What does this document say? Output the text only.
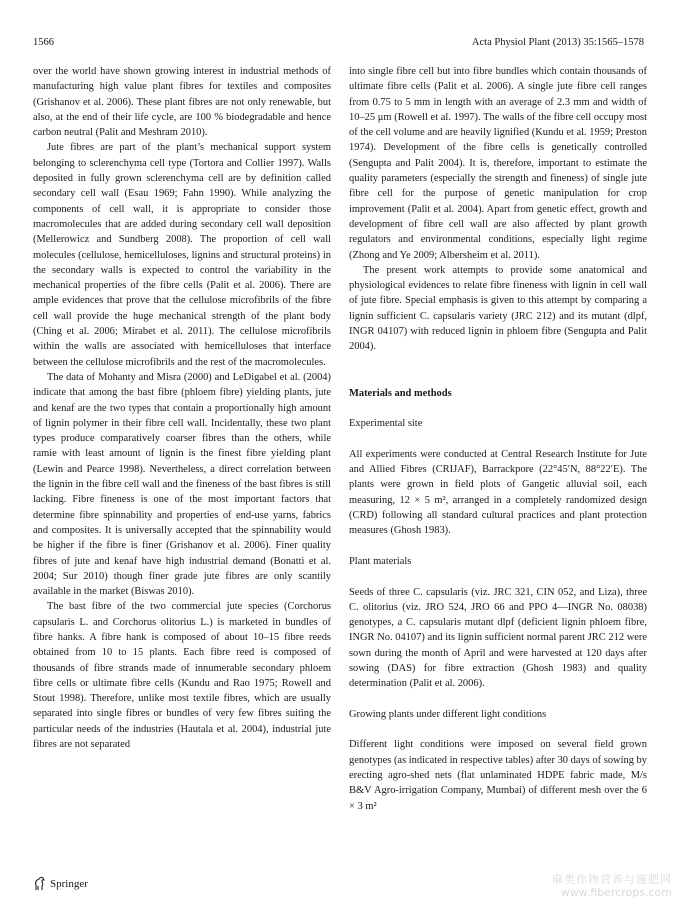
1566	Acta Physiol Plant (2013) 35:1565–1578

over the world have shown growing interest in industrial methods of manufacturing high value plant fibres for textiles and composites (Grishanov et al. 2006). These plant fibres are not only renewable, but also, at the end of their life cycle, are 100 % biodegradable and hence carbon neutral (Palit and Meshram 2010).

Jute fibres are part of the plant’s mechanical support system belonging to sclerenchyma cell type (Tortora and Collier 1997). Walls deposited in fully grown sclerenchyma cell are by definition called secondary cell wall (Esau 1969; Fahn 1990). While analyzing the components of cell wall, it is appropriate to consider those macromolecules that are added during secondary cell wall deposition (Mellerowicz and Sundberg 2008). The proportion of cell wall molecules (cellulose, hemicelluloses, lignins and structural proteins) in the secondary walls is expected to control the variability in the mechanical properties of the fibre cells (Palit et al. 2006). There are ample evidences that prove that the cellulose microfibrils of the fibre cell wall provide the huge mechanical strength of the plant body (Ching et al. 2006; Mirabet et al. 2011). The cellulose microfibrils within the walls are associated with hemicelluloses that interface between the cellulose microfibrils and the rest of the macromolecules.

The data of Mohanty and Misra (2000) and LeDigabel et al. (2004) indicate that among the bast fibre (phloem fibre) yielding plants, jute and kenaf are the two types that contain a proportionally high amount of lignin polymer in their fibre cell wall. Incidentally, these two plant types produce comparatively coarser fibres than the others, while ramie with least amount of lignin is the finest fibre yielding plant (Lewin and Pearce 1998). Nevertheless, a direct correlation between the lignin in the fibre cell wall and the fineness of the bast fibres is still lacking. Fibre fineness is one of the most important factors that determine fibre spinnability and properties of end-use yarns, fabrics and composites. It is universally accepted that the spinnability would be higher if the fibre is finer (Grishanov et al. 2006). Finer quality fibres of jute and kenaf have high industrial demand (Bonatti et al. 2004; Sur 2010) though finer grade jute fibres are only scantily available in the market (Biswas 2010).

The bast fibre of the two commercial jute species (Corchorus capsularis L. and Corchorus olitorius L.) is marketed in bundles of fibre hanks. A fibre hank is composed of about 10–15 fibre reeds obtained from 10 to 15 plants. Each fibre reed is composed of thousands of fibre strands made of innumerable secondary phloem fibre cells or ultimate fibre cells (Kundu and Rao 1975; Rowell and Stout 1998). Therefore, unlike most textile fibres, which are usually separated into single fibres or bundles of very few fibres suiting the particular needs of the industries (Hautala et al. 2004), industrial jute fibres are not separated

into single fibre cell but into fibre bundles which contain thousands of ultimate fibre cells (Palit et al. 2006). A single jute fibre cell ranges from 0.75 to 5 mm in length with an average of 2.3 mm and width of 10–25 μm (Rowell et al. 1997). The walls of the fibre cell occupy most of the cell volume and are heavily lignified (Kundu et al. 1959; Preston 1974). Development of the fibre cells is genetically controlled (Sengupta and Palit 2004). It is, therefore, important to estimate the quality parameters (especially the strength and fineness) of single jute fibre cell for the purpose of genetic manipulation for crop improvement (Palit et al. 2004). Apart from genetic effect, growth and development of fibre cell wall are also affected by plant growth regulators and environmental conditions, especially light regime (Zhong and Ye 2009; Albersheim et al. 2011).

The present work attempts to provide some anatomical and physiological evidences to relate fibre fineness with lignin in cell wall of jute fibre. Special emphasis is given to this attempt by comparing a lignin sufficient C. capsularis variety (JRC 212) and its mutant (dlpf, INGR 04107) with reduced lignin in phloem fibre (Sengupta and Palit 2004).

Materials and methods

Experimental site

All experiments were conducted at Central Research Institute for Jute and Allied Fibres (CRIJAF), Barrackpore (22°45′N, 88°22′E). The plants were grown in field plots of Gangetic alluvial soil, each measuring, 12 × 5 m², arranged in a completely randomized design (CRD) following all standard cultural practices and plant protection measures (Ghosh 1983).

Plant materials

Seeds of three C. capsularis (viz. JRC 321, CIN 052, and Liza), three C. olitorius (viz. JRO 524, JRO 66 and PPO 4—INGR No. 08038) genotypes, a C. capsularis mutant dlpf (deficient lignin phloem fibre, INGR No. 04107) and its lignin sufficient normal parent JRC 212 were sown during the month of April and were harvested at 120 days after sowing (DAS) for fibre extraction (Ghosh 1983) and quality determination (Palit et al. 2006).

Growing plants under different light conditions

Different light conditions were imposed on several field grown genotypes (as indicated in respective tables) after 30 days of sowing by erecting agro-shed nets (flat unlaminated HDPE fabric made, M/s B&V Agro-irrigation Company, Mumbai) of different mesh over the 6 × 3 m²

Springer	麻类作物营养与施肥网
www.fibercrops.com
